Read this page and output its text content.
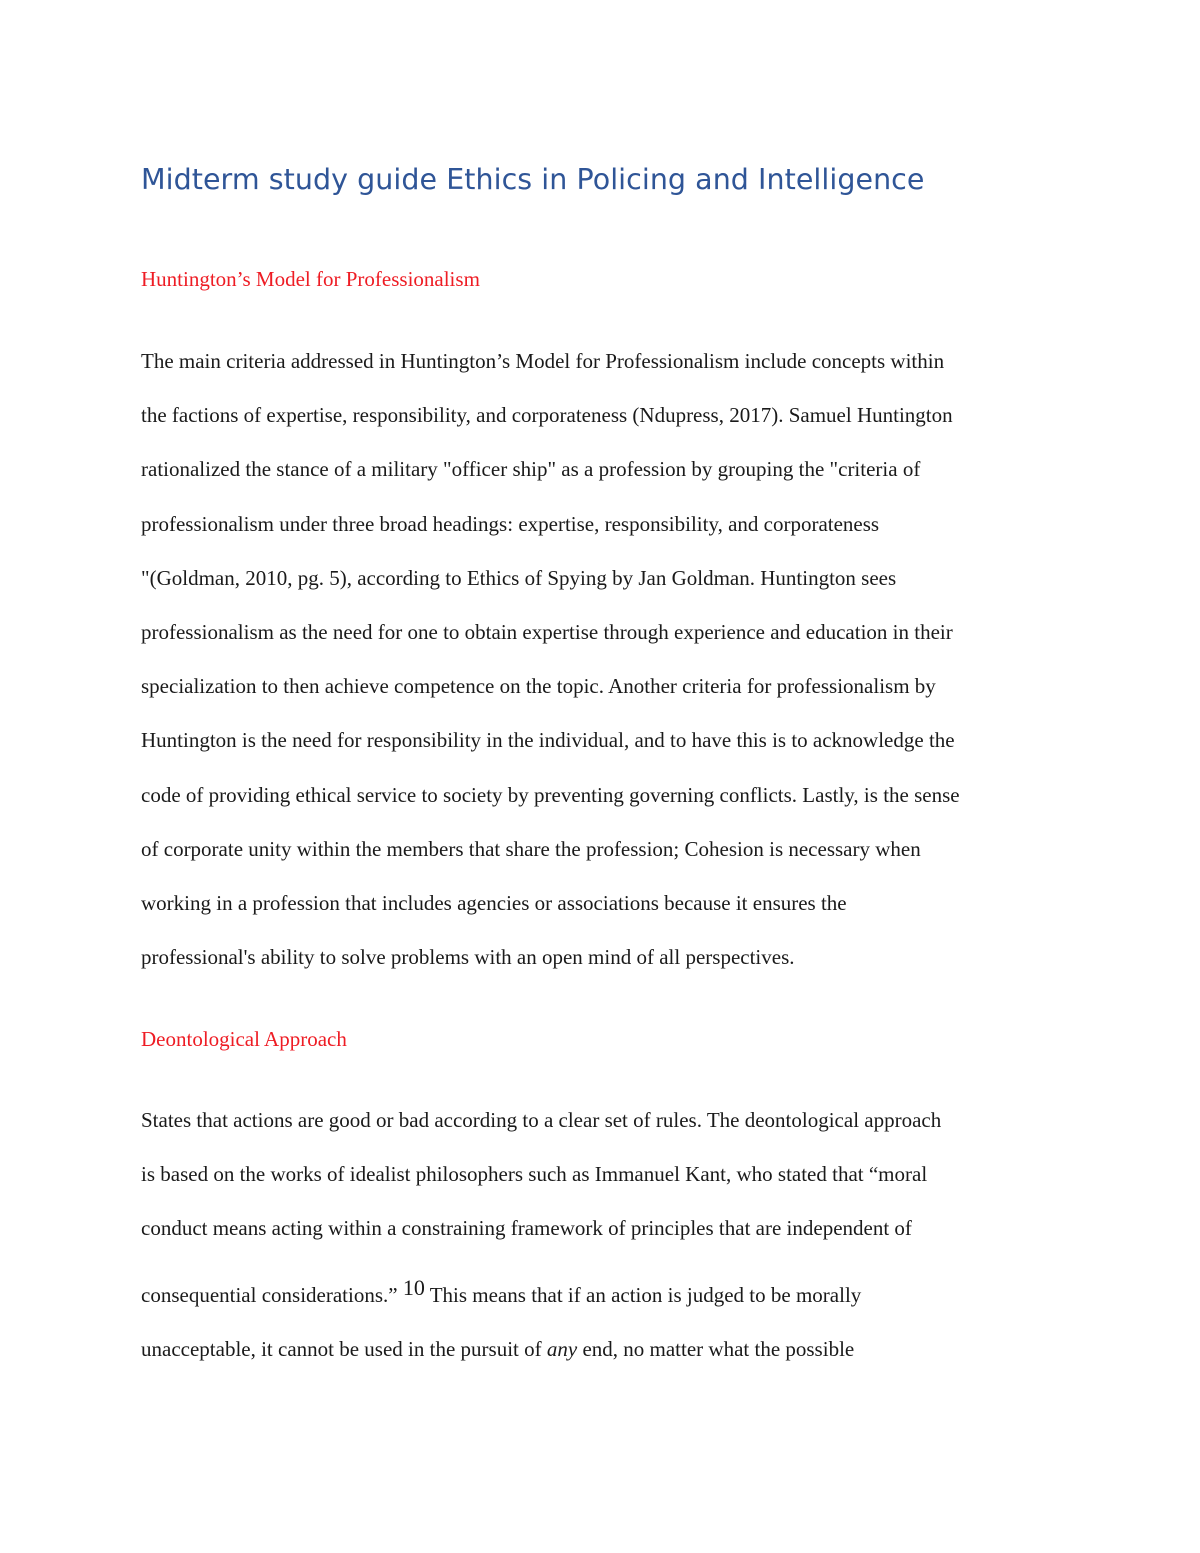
Midterm study guide Ethics in Policing and Intelligence
Huntington’s Model for Professionalism
The main criteria addressed in Huntington’s Model for Professionalism include concepts within
the factions of expertise, responsibility, and corporateness (Ndupress, 2017). Samuel Huntington
rationalized the stance of a military "officer ship" as a profession by grouping the "criteria of
professionalism under three broad headings: expertise, responsibility, and corporateness
"(Goldman, 2010, pg. 5), according to Ethics of Spying by Jan Goldman. Huntington sees
professionalism as the need for one to obtain expertise through experience and education in their
specialization to then achieve competence on the topic. Another criteria for professionalism by
Huntington is the need for responsibility in the individual, and to have this is to acknowledge the
code of providing ethical service to society by preventing governing conflicts. Lastly, is the sense
of corporate unity within the members that share the profession; Cohesion is necessary when
working in a profession that includes agencies or associations because it ensures the
professional's ability to solve problems with an open mind of all perspectives.
Deontological Approach
States that actions are good or bad according to a clear set of rules. The deontological approach
is based on the works of idealist philosophers such as Immanuel Kant, who stated that “moral
conduct means acting within a constraining framework of principles that are independent of
consequential considerations.” 10 This means that if an action is judged to be morally
unacceptable, it cannot be used in the pursuit of any end, no matter what the possible
